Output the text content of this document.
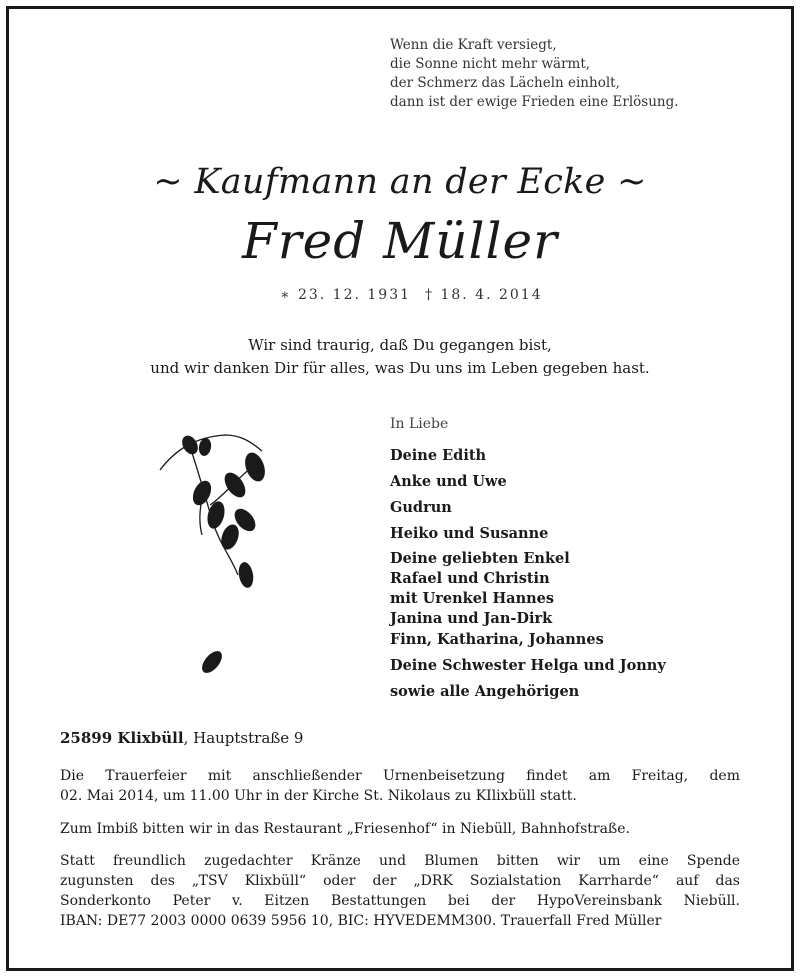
Wenn die Kraft versiegt,
die Sonne nicht mehr wärmt,
der Schmerz das Lächeln einholt,
dann ist der ewige Frieden eine Erlösung.
~ Kaufmann an der Ecke ~
Fred Müller
∗ 23. 12. 1931 † 18. 4. 2014
Wir sind traurig, daß Du gegangen bist,
und wir danken Dir für alles, was Du uns im Leben gegeben hast.
In Liebe
Deine Edith
Anke und Uwe
Gudrun
Heiko und Susanne
Deine geliebten Enkel
Rafael und Christin
mit Urenkel Hannes
Janina und Jan-Dirk
Finn, Katharina, Johannes
Deine Schwester Helga und Jonny
sowie alle Angehörigen
25899 Klixbüll, Hauptstraße 9
Die Trauerfeier mit anschließender Urnenbeisetzung findet am Freitag, dem
02. Mai 2014, um 11.00 Uhr in der Kirche St. Nikolaus zu KIlixbüll statt.
Zum Imbiß bitten wir in das Restaurant „Friesenhof“ in Niebüll, Bahnhofstraße.
Statt freundlich zugedachter Kränze und Blumen bitten wir um eine Spende
zugunsten des „TSV Klixbüll“ oder der „DRK Sozialstation Karrharde“ auf das
Sonderkonto Peter v. Eitzen Bestattungen bei der HypoVereinsbank Niebüll.
IBAN: DE77 2003 0000 0639 5956 10, BIC: HYVEDEMM300. Trauerfall Fred Müller
